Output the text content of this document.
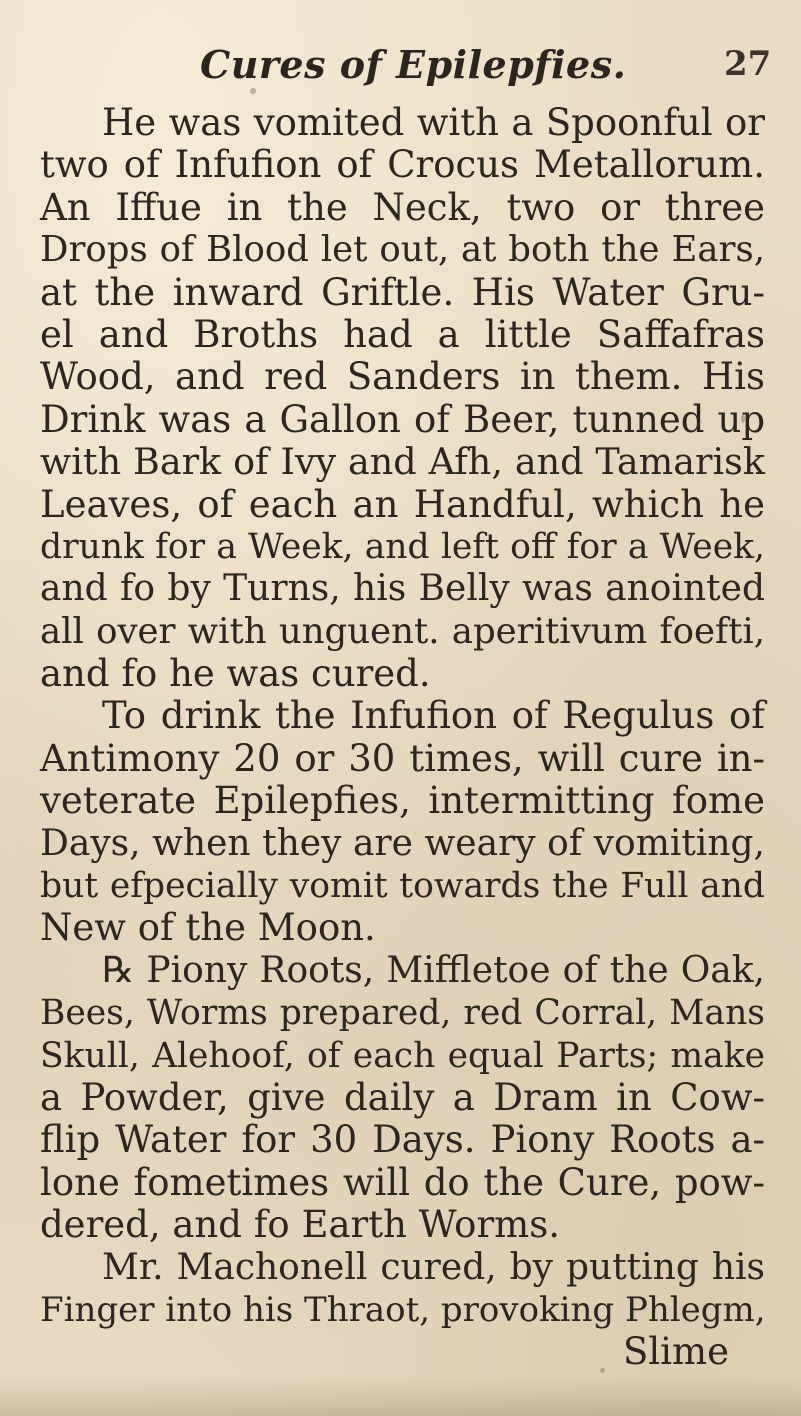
Cures of Epilepfies.	27
He was vomited with a Spoonful or
two of Infufion of Crocus Metallorum.
An Iffue in the Neck, two or three
Drops of Blood let out, at both the Ears,
at the inward Griftle. His Water Gru-
el and Broths had a little Saffafras
Wood, and red Sanders in them. His
Drink was a Gallon of Beer, tunned up
with Bark of Ivy and Afh, and Tamarisk
Leaves, of each an Handful, which he
drunk for a Week, and left off for a Week,
and fo by Turns, his Belly was anointed
all over with unguent. aperitivum foefti,
and fo he was cured.
To drink the Infufion of Regulus of
Antimony 20 or 30 times, will cure in-
veterate Epilepfies, intermitting fome
Days, when they are weary of vomiting,
but efpecially vomit towards the Full and
New of the Moon.
℞ Piony Roots, Miffletoe of the Oak,
Bees, Worms prepared, red Corral, Mans
Skull, Alehoof, of each equal Parts; make
a Powder, give daily a Dram in Cow-
flip Water for 30 Days. Piony Roots a-
lone fometimes will do the Cure, pow-
dered, and fo Earth Worms.
Mr. Machonell cured, by putting his
Finger into his Thraot, provoking Phlegm,
Slime
